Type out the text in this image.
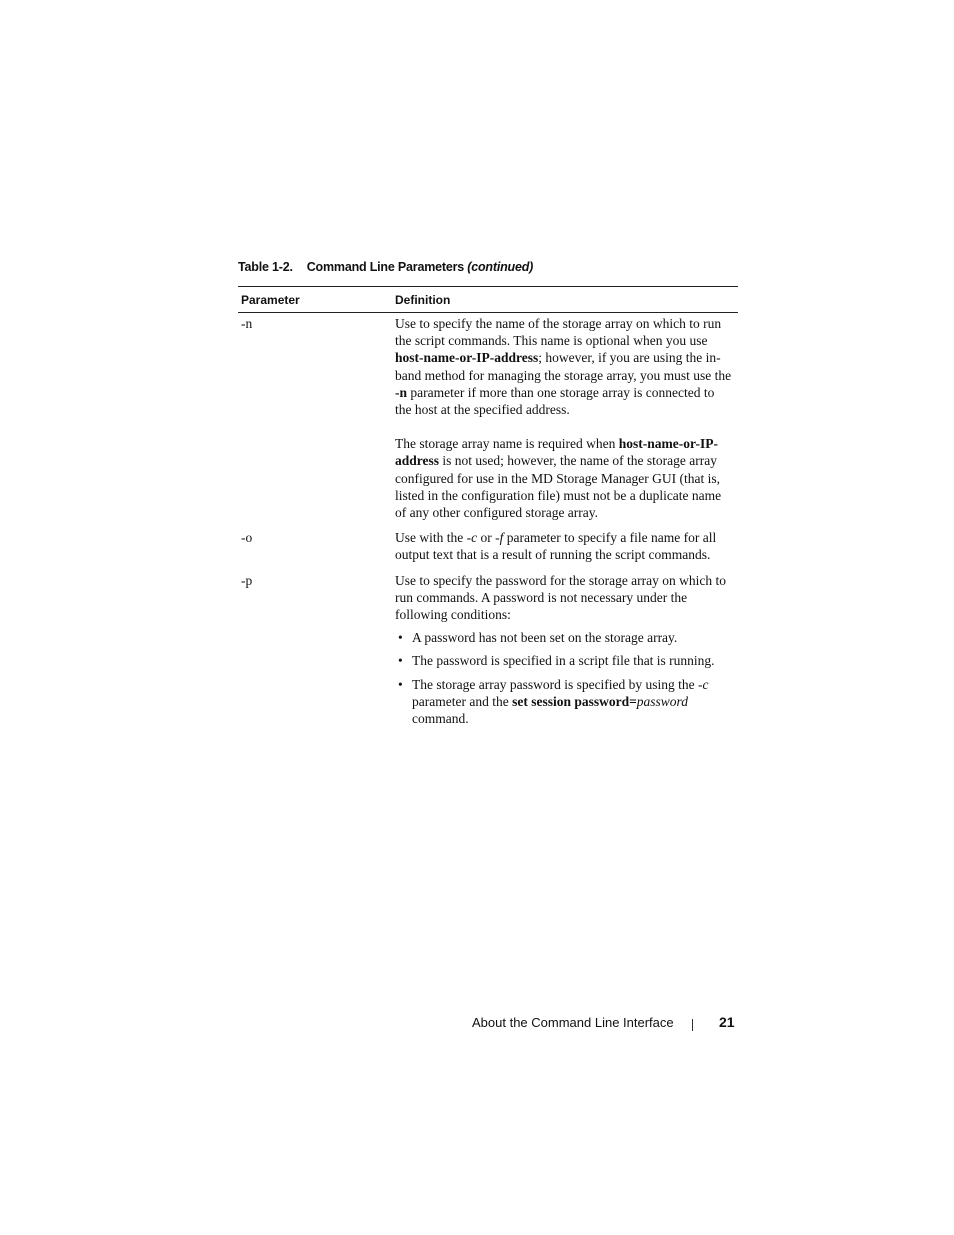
Table 1-2. Command Line Parameters (continued)
Parameter	Definition
-n	Use to specify the name of the storage array on which to run the script commands. This name is optional when you use host-name-or-IP-address; however, if you are using the in-band method for managing the storage array, you must use the -n parameter if more than one storage array is connected to the host at the specified address.

The storage array name is required when host-name-or-IP-address is not used; however, the name of the storage array configured for use in the MD Storage Manager GUI (that is, listed in the configuration file) must not be a duplicate name of any other configured storage array.

-o	Use with the -c or -f parameter to specify a file name for all output text that is a result of running the script commands.

-p	Use to specify the password for the storage array on which to run commands. A password is not necessary under the following conditions:

• A password has not been set on the storage array.
• The password is specified in a script file that is running.
• The storage array password is specified by using the -c parameter and the set session password=password command.
About the Command Line Interface	21
